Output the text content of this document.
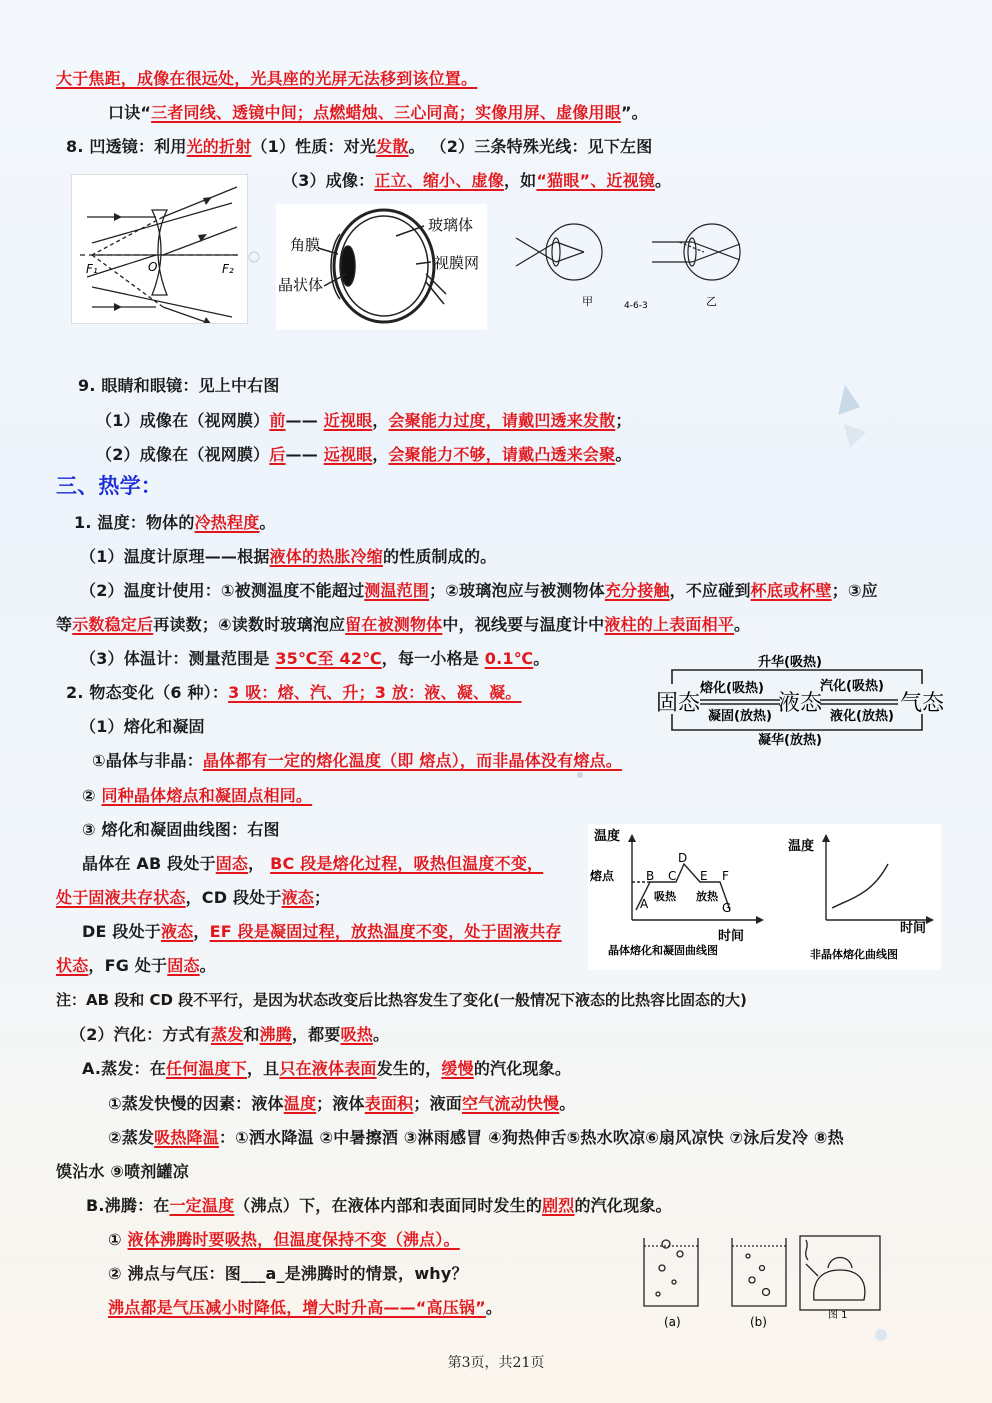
大于焦距，成像在很远处，光具座的光屏无法移到该位置。
口诀“三者同线、透镜中间；点燃蜡烛、三心同高；实像用屏、虚像用眼”。
8. 凹透镜：利用光的折射（1）性质：对光发散。 （2）三条特殊光线：见下左图
（3）成像：正立、缩小、虚像，如“猫眼”、近视镜。
9. 眼睛和眼镜：见上中右图
（1）成像在（视网膜）前—— 近视眼，会聚能力过度，请戴凹透来发散；
（2）成像在（视网膜）后—— 远视眼，会聚能力不够，请戴凸透来会聚。
三、热学：
1. 温度：物体的冷热程度。
（1）温度计原理——根据液体的热胀冷缩的性质制成的。
（2）温度计使用：①被测温度不能超过测温范围；②玻璃泡应与被测物体充分接触，不应碰到杯底或杯壁；③应
等示数稳定后再读数；④读数时玻璃泡应留在被测物体中，视线要与温度计中液柱的上表面相平。
（3）体温计：测量范围是 35℃至 42℃，每一小格是 0.1℃。
2. 物态变化（6 种）：3 吸：熔、汽、升；3 放：液、凝、凝。
（1）熔化和凝固
①晶体与非晶：晶体都有一定的熔化温度（即 熔点），而非晶体没有熔点。
② 同种晶体熔点和凝固点相同。
③ 熔化和凝固曲线图：右图
晶体在 AB 段处于固态， BC 段是熔化过程，吸热但温度不变，
处于固液共存状态，CD 段处于液态；
DE 段处于液态，EF 段是凝固过程，放热温度不变，处于固液共存
状态，FG 处于固态。
注：AB 段和 CD 段不平行，是因为状态改变后比热容发生了变化(一般情况下液态的比热容比固态的大)
（2）汽化：方式有蒸发和沸腾，都要吸热。
A.蒸发：在任何温度下，且只在液体表面发生的，缓慢的汽化现象。
①蒸发快慢的因素：液体温度；液体表面积；液面空气流动快慢。
②蒸发吸热降温：①洒水降温 ②中暑擦酒 ③淋雨感冒 ④狗热伸舌⑤热水吹凉⑥扇风凉快 ⑦泳后发冷 ⑧热
馍沾水 ⑨喷剂罐凉
B.沸腾：在一定温度（沸点）下，在液体内部和表面同时发生的剧烈的汽化现象。
① 液体沸腾时要吸热，但温度保持不变（沸点）。
② 沸点与气压：图___a_是沸腾时的情景，why？
沸点都是气压减小时降低，增大时升高——“高压锅”。
F₁	O	F₂
角膜
晶状体
玻璃体
视膜网
甲	4-6-3	乙
固态	液态	气态
升华(吸热)
熔化(吸热)
凝固(放热)
汽化(吸热)
液化(放热)
凝华(放热)
温度
熔点
时间
A
B C
D
E F
G
吸热 放热
晶体熔化和凝固曲线图
温度
时间
非晶体熔化曲线图
(a)	(b)	图 1
第3页，共21页
